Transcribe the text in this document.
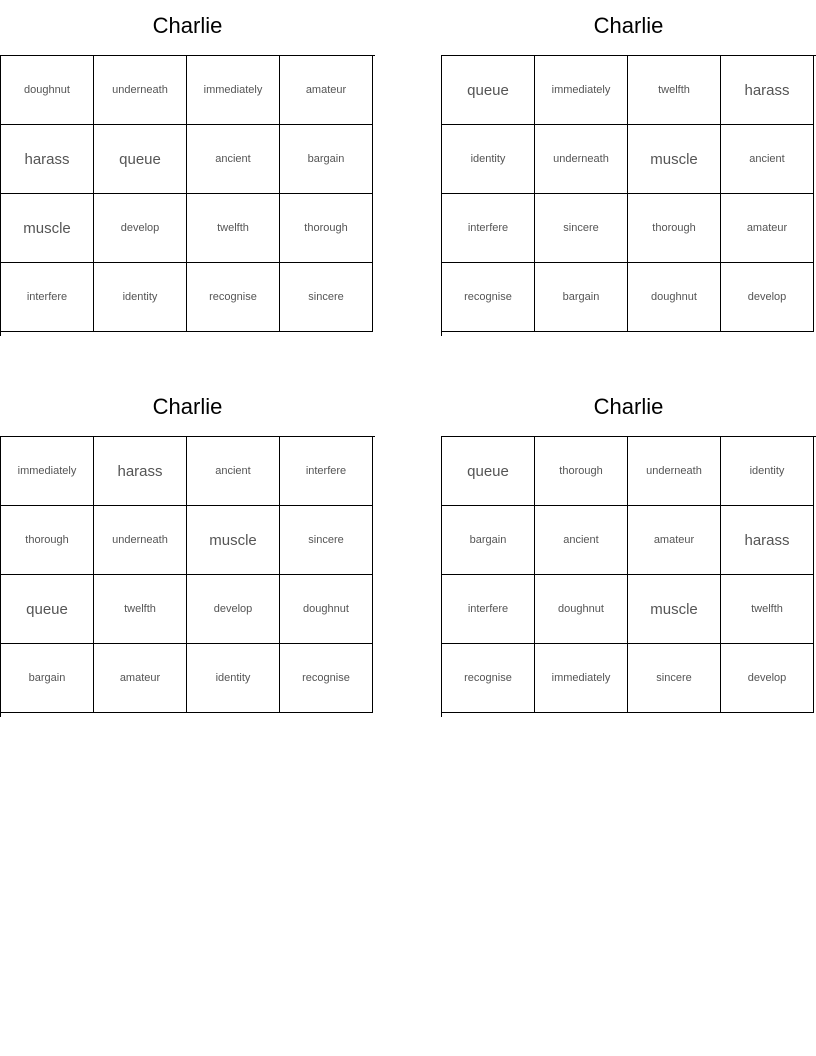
Charlie
doughnut	underneath	immediately	amateur
harass	queue	ancient	bargain
muscle	develop	twelfth	thorough
interfere	identity	recognise	sincere
Charlie
queue	immediately	twelfth	harass
identity	underneath	muscle	ancient
interfere	sincere	thorough	amateur
recognise	bargain	doughnut	develop
Charlie
immediately	harass	ancient	interfere
thorough	underneath	muscle	sincere
queue	twelfth	develop	doughnut
bargain	amateur	identity	recognise
Charlie
queue	thorough	underneath	identity
bargain	ancient	amateur	harass
interfere	doughnut	muscle	twelfth
recognise	immediately	sincere	develop
